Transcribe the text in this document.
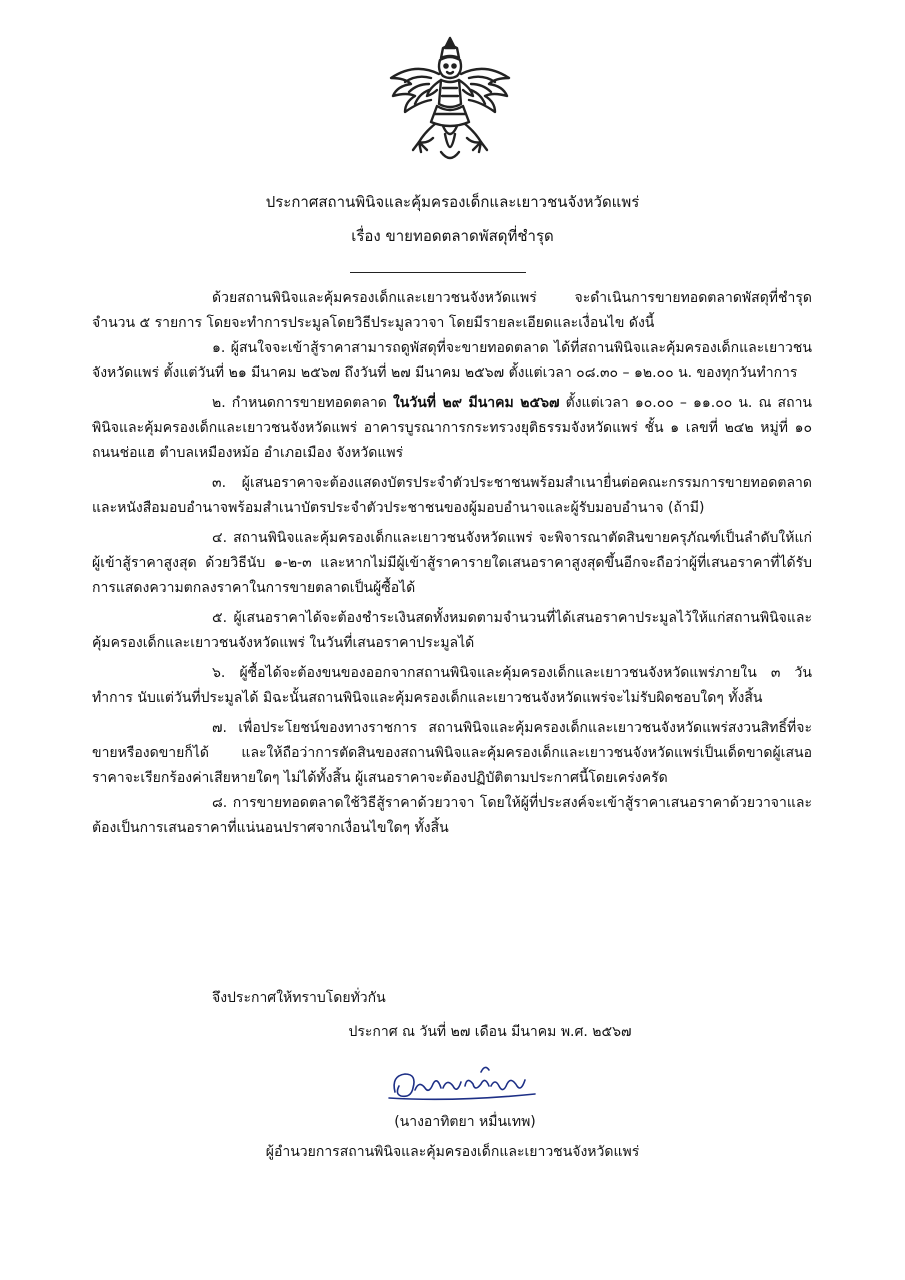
ประกาศสถานพินิจและคุ้มครองเด็กและเยาวชนจังหวัดแพร่
เรื่อง ขายทอดตลาดพัสดุที่ชำรุด

ด้วยสถานพินิจและคุ้มครองเด็กและเยาวชนจังหวัดแพร่ จะดำเนินการขายทอดตลาดพัสดุที่ชำรุด จำนวน ๕ รายการ โดยจะทำการประมูลโดยวิธีประมูลวาจา โดยมีรายละเอียดและเงื่อนไข ดังนี้

๑. ผู้สนใจจะเข้าสู้ราคาสามารถดูพัสดุที่จะขายทอดตลาด ได้ที่สถานพินิจและคุ้มครองเด็กและเยาวชนจังหวัดแพร่ ตั้งแต่วันที่ ๒๑ มีนาคม ๒๕๖๗ ถึงวันที่ ๒๗ มีนาคม ๒๕๖๗ ตั้งแต่เวลา ๐๘.๓๐ – ๑๒.๐๐ น. ของทุกวันทำการ

๒. กำหนดการขายทอดตลาด ในวันที่ ๒๙ มีนาคม ๒๕๖๗ ตั้งแต่เวลา ๑๐.๐๐ – ๑๑.๐๐ น. ณ สถานพินิจและคุ้มครองเด็กและเยาวชนจังหวัดแพร่ อาคารบูรณาการกระทรวงยุติธรรมจังหวัดแพร่ ชั้น ๑ เลขที่ ๒๔๒ หมู่ที่ ๑๐ ถนนช่อแฮ ตำบลเหมืองหม้อ อำเภอเมือง จังหวัดแพร่

๓. ผู้เสนอราคาจะต้องแสดงบัตรประจำตัวประชาชนพร้อมสำเนายื่นต่อคณะกรรมการขายทอดตลาดและหนังสือมอบอำนาจพร้อมสำเนาบัตรประจำตัวประชาชนของผู้มอบอำนาจและผู้รับมอบอำนาจ (ถ้ามี)

๔. สถานพินิจและคุ้มครองเด็กและเยาวชนจังหวัดแพร่ จะพิจารณาตัดสินขายครุภัณฑ์เป็นลำดับให้แก่ผู้เข้าสู้ราคาสูงสุด ด้วยวิธีนับ ๑-๒-๓ และหากไม่มีผู้เข้าสู้ราคารายใดเสนอราคาสูงสุดขึ้นอีกจะถือว่าผู้ที่เสนอราคาที่ได้รับการแสดงความตกลงราคาในการขายตลาดเป็นผู้ซื้อได้

๕. ผู้เสนอราคาได้จะต้องชำระเงินสดทั้งหมดตามจำนวนที่ได้เสนอราคาประมูลไว้ให้แก่สถานพินิจและคุ้มครองเด็กและเยาวชนจังหวัดแพร่ ในวันที่เสนอราคาประมูลได้

๖. ผู้ซื้อได้จะต้องขนของออกจากสถานพินิจและคุ้มครองเด็กและเยาวชนจังหวัดแพร่ภายใน ๓ วันทำการ นับแต่วันที่ประมูลได้ มิฉะนั้นสถานพินิจและคุ้มครองเด็กและเยาวชนจังหวัดแพร่จะไม่รับผิดชอบใดๆ ทั้งสิ้น

๗. เพื่อประโยชน์ของทางราชการ สถานพินิจและคุ้มครองเด็กและเยาวชนจังหวัดแพร่สงวนสิทธิ์ที่จะขายหรืองดขายก็ได้ และให้ถือว่าการตัดสินของสถานพินิจและคุ้มครองเด็กและเยาวชนจังหวัดแพร่เป็นเด็ดขาดผู้เสนอราคาจะเรียกร้องค่าเสียหายใดๆ ไม่ได้ทั้งสิ้น ผู้เสนอราคาจะต้องปฏิบัติตามประกาศนี้โดยเคร่งครัด

๘. การขายทอดตลาดใช้วิธีสู้ราคาด้วยวาจา โดยให้ผู้ที่ประสงค์จะเข้าสู้ราคาเสนอราคาด้วยวาจาและต้องเป็นการเสนอราคาที่แน่นอนปราศจากเงื่อนไขใดๆ ทั้งสิ้น

จึงประกาศให้ทราบโดยทั่วกัน
ประกาศ ณ วันที่ ๒๗ เดือน มีนาคม พ.ศ. ๒๕๖๗
(นางอาทิตยา หมื่นเทพ)
ผู้อำนวยการสถานพินิจและคุ้มครองเด็กและเยาวชนจังหวัดแพร่
